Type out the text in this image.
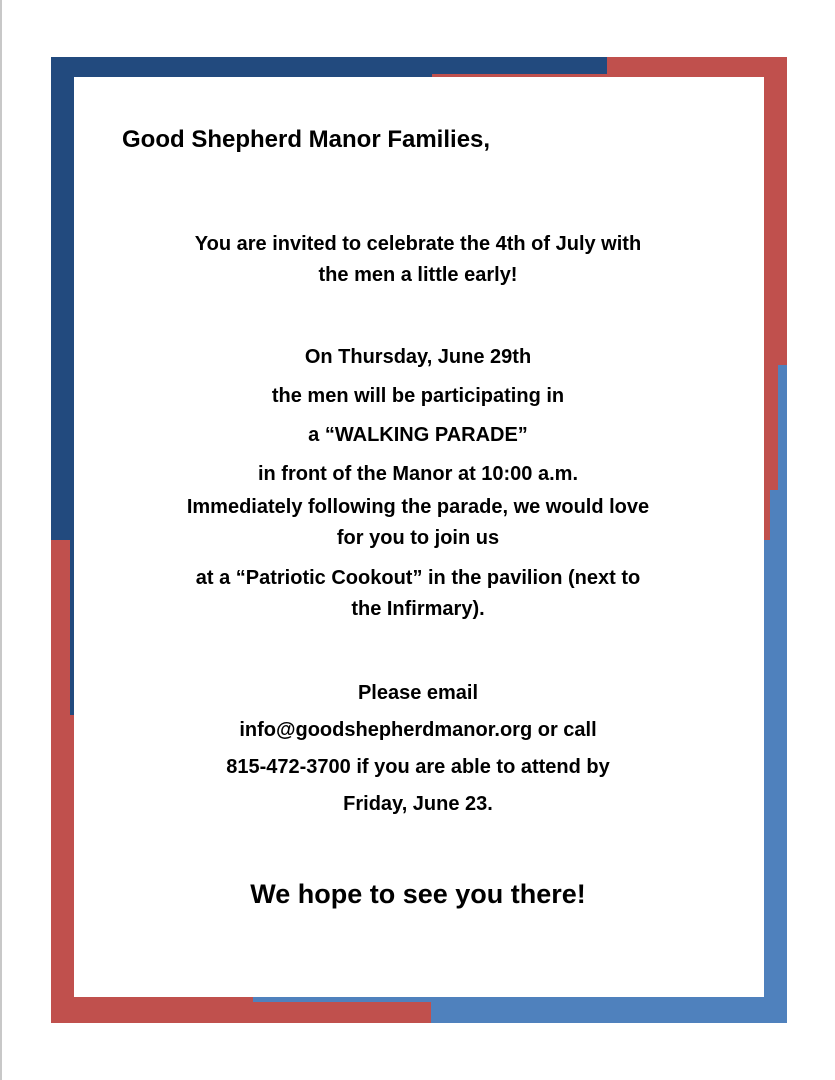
Good Shepherd Manor Families,

You are invited to celebrate the 4th of July with
the men a little early!
On Thursday, June 29th
the men will be participating in
a “WALKING PARADE”
in front of the Manor at 10:00 a.m.
Immediately following the parade, we would love
for you to join us
at a “Patriotic Cookout” in the pavilion (next to
the Infirmary).
Please email
info@goodshepherdmanor.org or call
815-472-3700 if you are able to attend by
Friday, June 23.

We hope to see you there!
